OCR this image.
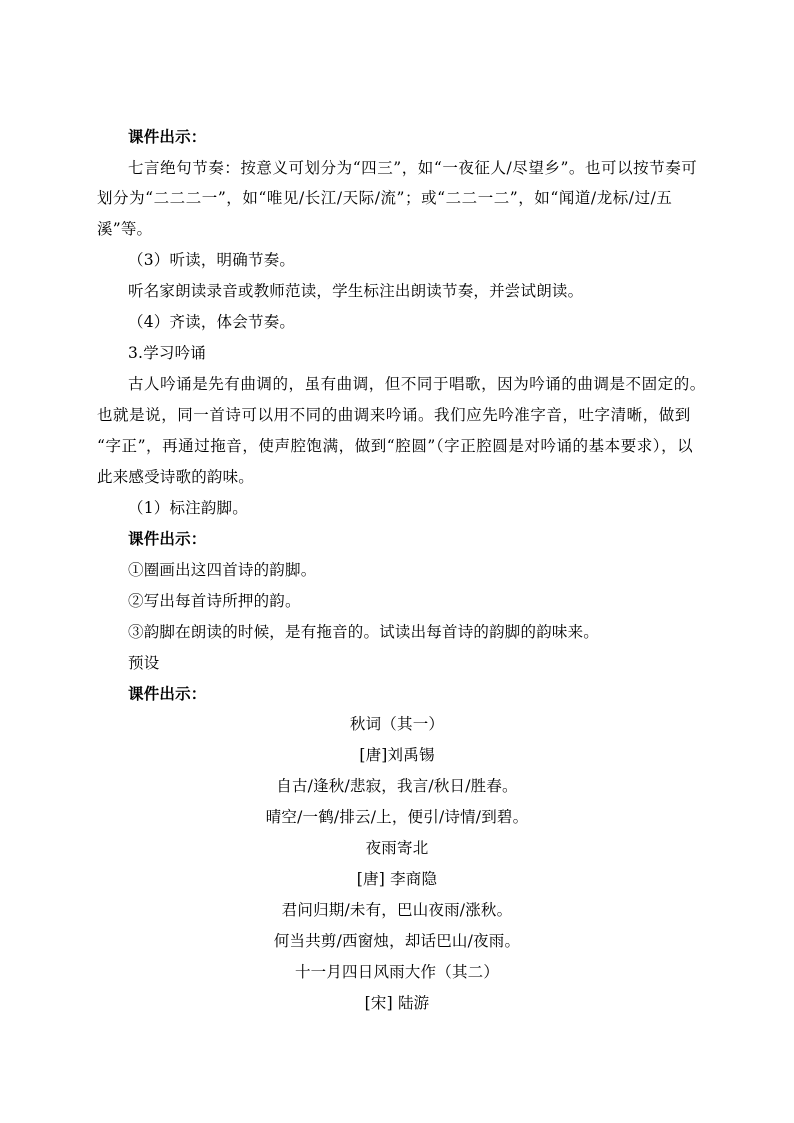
课件出示：
七言绝句节奏：按意义可划分为“四三”，如“一夜征人/尽望乡”。也可以按节奏可
划分为“二二二一”，如“唯见/长江/天际/流”；或“二二一二”，如“闻道/龙标/过/五
溪”等。
（3）听读，明确节奏。
听名家朗读录音或教师范读，学生标注出朗读节奏，并尝试朗读。
（4）齐读，体会节奏。
3.学习吟诵
古人吟诵是先有曲调的，虽有曲调，但不同于唱歌，因为吟诵的曲调是不固定的。
也就是说，同一首诗可以用不同的曲调来吟诵。我们应先吟准字音，吐字清晰，做到
“字正”，再通过拖音，使声腔饱满，做到“腔圆”（字正腔圆是对吟诵的基本要求），以
此来感受诗歌的韵味。
（1）标注韵脚。
课件出示：
①圈画出这四首诗的韵脚。
②写出每首诗所押的韵。
③韵脚在朗读的时候，是有拖音的。试读出每首诗的韵脚的韵味来。
预设
课件出示：
秋词（其一）
[唐]刘禹锡
自古/逢秋/悲寂，我言/秋日/胜春。
晴空/一鹤/排云/上，便引/诗情/到碧。
夜雨寄北
[唐] 李商隐
君问归期/未有，巴山夜雨/涨秋。
何当共剪/西窗烛，却话巴山/夜雨。
十一月四日风雨大作（其二）
[宋] 陆游
